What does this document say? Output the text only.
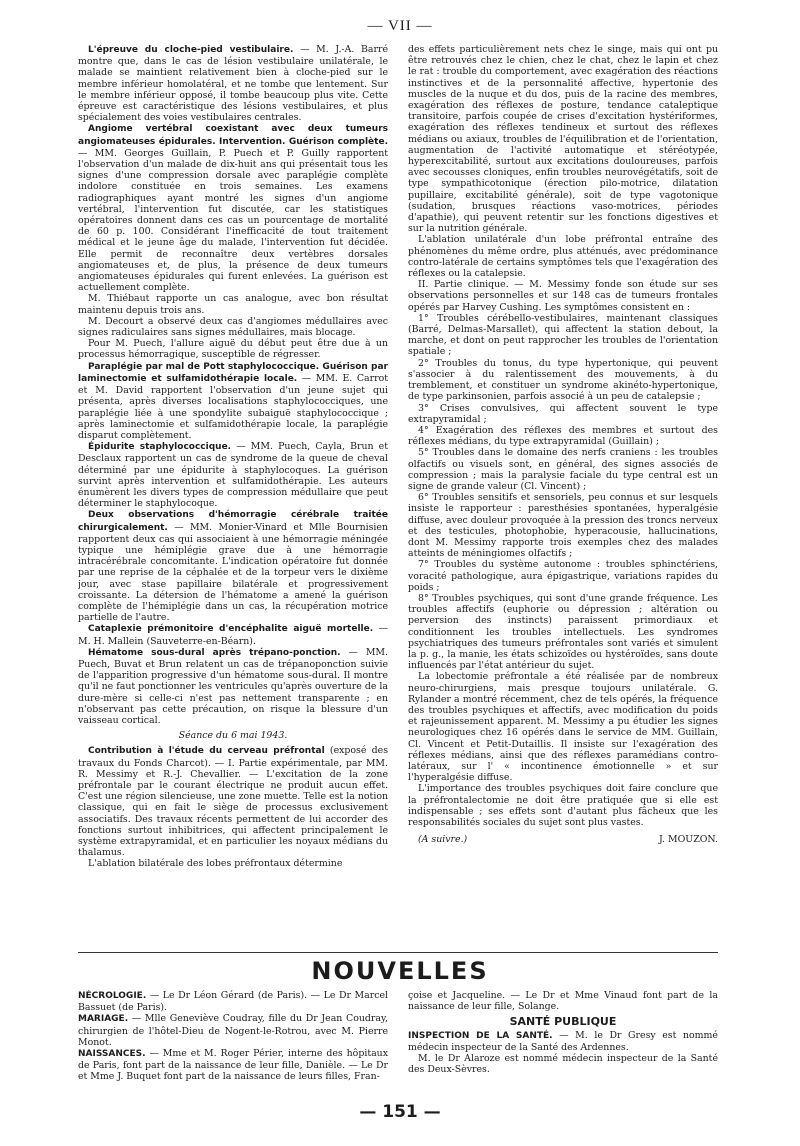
— VII —

L'épreuve du cloche-pied vestibulaire. — M. J.-A. Barré montre que, dans le cas de lésion vestibulaire unilatérale, le malade se maintient relativement bien à cloche-pied sur le membre inférieur homolatéral, et ne tombe que lentement. Sur le membre inférieur opposé, il tombe beaucoup plus vite. Cette épreuve est caractéristique des lésions vestibulaires, et plus spécialement des voies vestibulaires centrales.

Angiome vertébral coexistant avec deux tumeurs angiomateuses épidurales. Intervention. Guérison complète. — MM. Georges Guillain, P. Puech et P. Guilly rapportent l'observation d'un malade de dix-huit ans qui présentait tous les signes d'une compression dorsale avec paraplégie complète indolore constituée en trois semaines. Les examens radiographiques ayant montré les signes d'un angiome vertébral, l'intervention fut discutée, car les statistiques opératoires donnent dans ces cas un pourcentage de mortalité de 60 p. 100. Considérant l'inefficacité de tout traitement médical et le jeune âge du malade, l'intervention fut décidée. Elle permit de reconnaître deux vertèbres dorsales angiomateuses et, de plus, la présence de deux tumeurs angiomateuses épidurales qui furent enlevées. La guérison est actuellement complète.

M. Thiébaut rapporte un cas analogue, avec bon résultat maintenu depuis trois ans.

M. Decourt a observé deux cas d'angiomes médullaires avec signes radiculaires sans signes médullaires, mais blocage.

Pour M. Puech, l'allure aiguë du début peut être due à un processus hémorragique, susceptible de régresser.

Paraplégie par mal de Pott staphylococcique. Guérison par laminectomie et sulfamidothérapie locale. — MM. E. Carrot et M. David rapportent l'observation d'un jeune sujet qui présenta, après diverses localisations staphylococciques, une paraplégie liée à une spondylite subaiguë staphylococcique ; après laminectomie et sulfamidothérapie locale, la paraplégie disparut complètement.

Épidurite staphylococcique. — MM. Puech, Cayla, Brun et Desclaux rapportent un cas de syndrome de la queue de cheval déterminé par une épidurite à staphylocoques. La guérison survint après intervention et sulfamidothérapie. Les auteurs énumèrent les divers types de compression médullaire que peut déterminer le staphylocoque.

Deux observations d'hémorragie cérébrale traitée chirurgicalement. — MM. Monier-Vinard et Mlle Bournisien rapportent deux cas qui associaient à une hémorragie méningée typique une hémiplégie grave due à une hémorragie intracérébrale concomitante. L'indication opératoire fut donnée par une reprise de la céphalée et de la torpeur vers le dixième jour, avec stase papillaire bilatérale et progressivement croissante. La détersion de l'hématome a amené la guérison complète de l'hémiplégie dans un cas, la récupération motrice partielle de l'autre.

Cataplexie prémonitoire d'encéphalite aiguë mortelle. — M. H. Mallein (Sauveterre-en-Béarn).

Hématome sous-dural après trépano-ponction. — MM. Puech, Buvat et Brun relatent un cas de trépanoponction suivie de l'apparition progressive d'un hématome sous-dural. Il montre qu'il ne faut ponctionner les ventricules qu'après ouverture de la dure-mère si celle-ci n'est pas nettement transparente ; en n'observant pas cette précaution, on risque la blessure d'un vaisseau cortical.

Séance du 6 mai 1943.

Contribution à l'étude du cerveau préfrontal (exposé des travaux du Fonds Charcot). — I. Partie expérimentale, par MM. R. Messimy et R.-J. Chevallier. — L'excitation de la zone préfrontale par le courant électrique ne produit aucun effet. C'est une région silencieuse, une zone muette. Telle est la notion classique, qui en fait le siège de processus exclusivement associatifs. Des travaux récents permettent de lui accorder des fonctions surtout inhibitrices, qui affectent principalement le système extrapyramidal, et en particulier les noyaux médians du thalamus.

L'ablation bilatérale des lobes préfrontaux détermine

des effets particulièrement nets chez le singe, mais qui ont pu être retrouvés chez le chien, chez le chat, chez le lapin et chez le rat : trouble du comportement, avec exagération des réactions instinctives et de la personnalité affective, hypertonie des muscles de la nuque et du dos, puis de la racine des membres, exagération des réflexes de posture, tendance cataleptique transitoire, parfois coupée de crises d'excitation hystériformes, exagération des réflexes tendineux et surtout des réflexes médians ou axiaux, troubles de l'équilibration et de l'orientation, augmentation de l'activité automatique et stéréotypée, hyperexcitabilité, surtout aux excitations douloureuses, parfois avec secousses cloniques, enfin troubles neurovégétatifs, soit de type sympathicotonique (érection pilo-motrice, dilatation pupillaire, excitabilité générale), soit de type vagotonique (sudation, brusques réactions vaso-motrices, périodes d'apathie), qui peuvent retentir sur les fonctions digestives et sur la nutrition générale.

L'ablation unilatérale d'un lobe préfrontal entraîne des phénomènes du même ordre, plus atténués, avec prédominance contro-latérale de certains symptômes tels que l'exagération des réflexes ou la catalepsie.

II. Partie clinique. — M. Messimy fonde son étude sur ses observations personnelles et sur 148 cas de tumeurs frontales opérés par Harvey Cushing. Les symptômes consistent en :

1° Troubles cérébello-vestibulaires, maintenant classiques (Barré, Delmas-Marsallet), qui affectent la station debout, la marche, et dont on peut rapprocher les troubles de l'orientation spatiale ;

2° Troubles du tonus, du type hypertonique, qui peuvent s'associer à du ralentissement des mouvements, à du tremblement, et constituer un syndrome akinéto-hypertonique, de type parkinsonien, parfois associé à un peu de catalepsie ;

3° Crises convulsives, qui affectent souvent le type extrapyramidal ;

4° Exagération des réflexes des membres et surtout des réflexes médians, du type extrapyramidal (Guillain) ;

5° Troubles dans le domaine des nerfs craniens : les troubles olfactifs ou visuels sont, en général, des signes associés de compression ; mais la paralysie faciale du type central est un signe de grande valeur (Cl. Vincent) ;

6° Troubles sensitifs et sensoriels, peu connus et sur lesquels insiste le rapporteur : paresthésies spontanées, hyperalgésie diffuse, avec douleur provoquée à la pression des troncs nerveux et des testicules, photophobie, hyperacousie, hallucinations, dont M. Messimy rapporte trois exemples chez des malades atteints de méningiomes olfactifs ;

7° Troubles du système autonome : troubles sphinctériens, voracité pathologique, aura épigastrique, variations rapides du poids ;

8° Troubles psychiques, qui sont d'une grande fréquence. Les troubles affectifs (euphorie ou dépression ; altération ou perversion des instincts) paraissent primordiaux et conditionnent les troubles intellectuels. Les syndromes psychiatriques des tumeurs préfrontales sont variés et simulent la p. g., la manie, les états schizoïdes ou hystéroïdes, sans doute influencés par l'état antérieur du sujet.

La lobectomie préfrontale a été réalisée par de nombreux neuro-chirurgiens, mais presque toujours unilatérale. G. Rylander a montré récemment, chez de tels opérés, la fréquence des troubles psychiques et affectifs, avec modification du poids et rajeunissement apparent. M. Messimy a pu étudier les signes neurologiques chez 16 opérés dans le service de MM. Guillain, Cl. Vincent et Petit-Dutaillis. Il insiste sur l'exagération des réflexes médians, ainsi que des réflexes paramédians contro-latéraux, sur l' « incontinence émotionnelle » et sur l'hyperalgésie diffuse.

L'importance des troubles psychiques doit faire conclure que la préfrontalectomie ne doit être pratiquée que si elle est indispensable ; ses effets sont d'autant plus fâcheux que les responsabilités sociales du sujet sont plus vastes.

(A suivre.)	J. MOUZON.

NOUVELLES

NÉCROLOGIE. — Le Dr Léon Gérard (de Paris). — Le Dr Marcel Bassuet (de Paris).

MARIAGE. — Mlle Geneviève Coudray, fille du Dr Jean Coudray, chirurgien de l'hôtel-Dieu de Nogent-le-Rotrou, avec M. Pierre Monot.

NAISSANCES. — Mme et M. Roger Périer, interne des hôpitaux de Paris, font part de la naissance de leur fille, Danièle. — Le Dr et Mme J. Buquet font part de la naissance de leurs filles, Fran-

çoise et Jacqueline. — Le Dr et Mme Vinaud font part de la naissance de leur fille, Solange.

SANTÉ PUBLIQUE

INSPECTION DE LA SANTÉ. — M. le Dr Gresy est nommé médecin inspecteur de la Santé des Ardennes.

M. le Dr Alaroze est nommé médecin inspecteur de la Santé des Deux-Sèvres.

— 151 —
